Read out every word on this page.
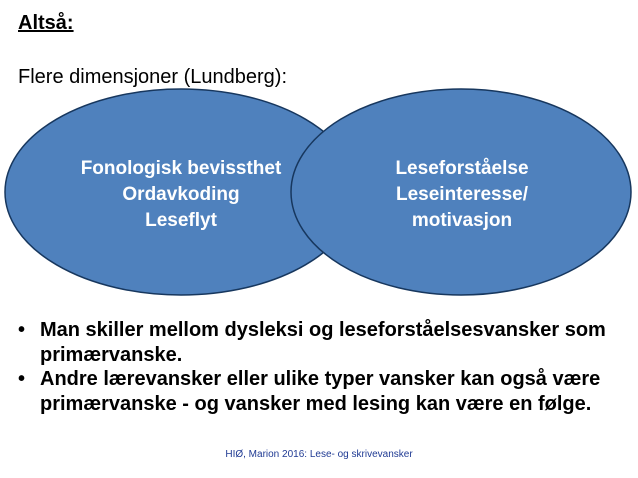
Altså:
Flere dimensjoner (Lundberg):
Fonologisk bevissthet
Ordavkoding
Leseflyt
Leseforståelse
Leseinteresse/
motivasjon
• Man skiller mellom dysleksi og leseforståelsesvansker som primærvanske.
• Andre lærevansker eller ulike typer vansker kan også være primærvanske - og vansker med lesing kan være en følge.
HIØ, Marion 2016: Lese- og skrivevansker
